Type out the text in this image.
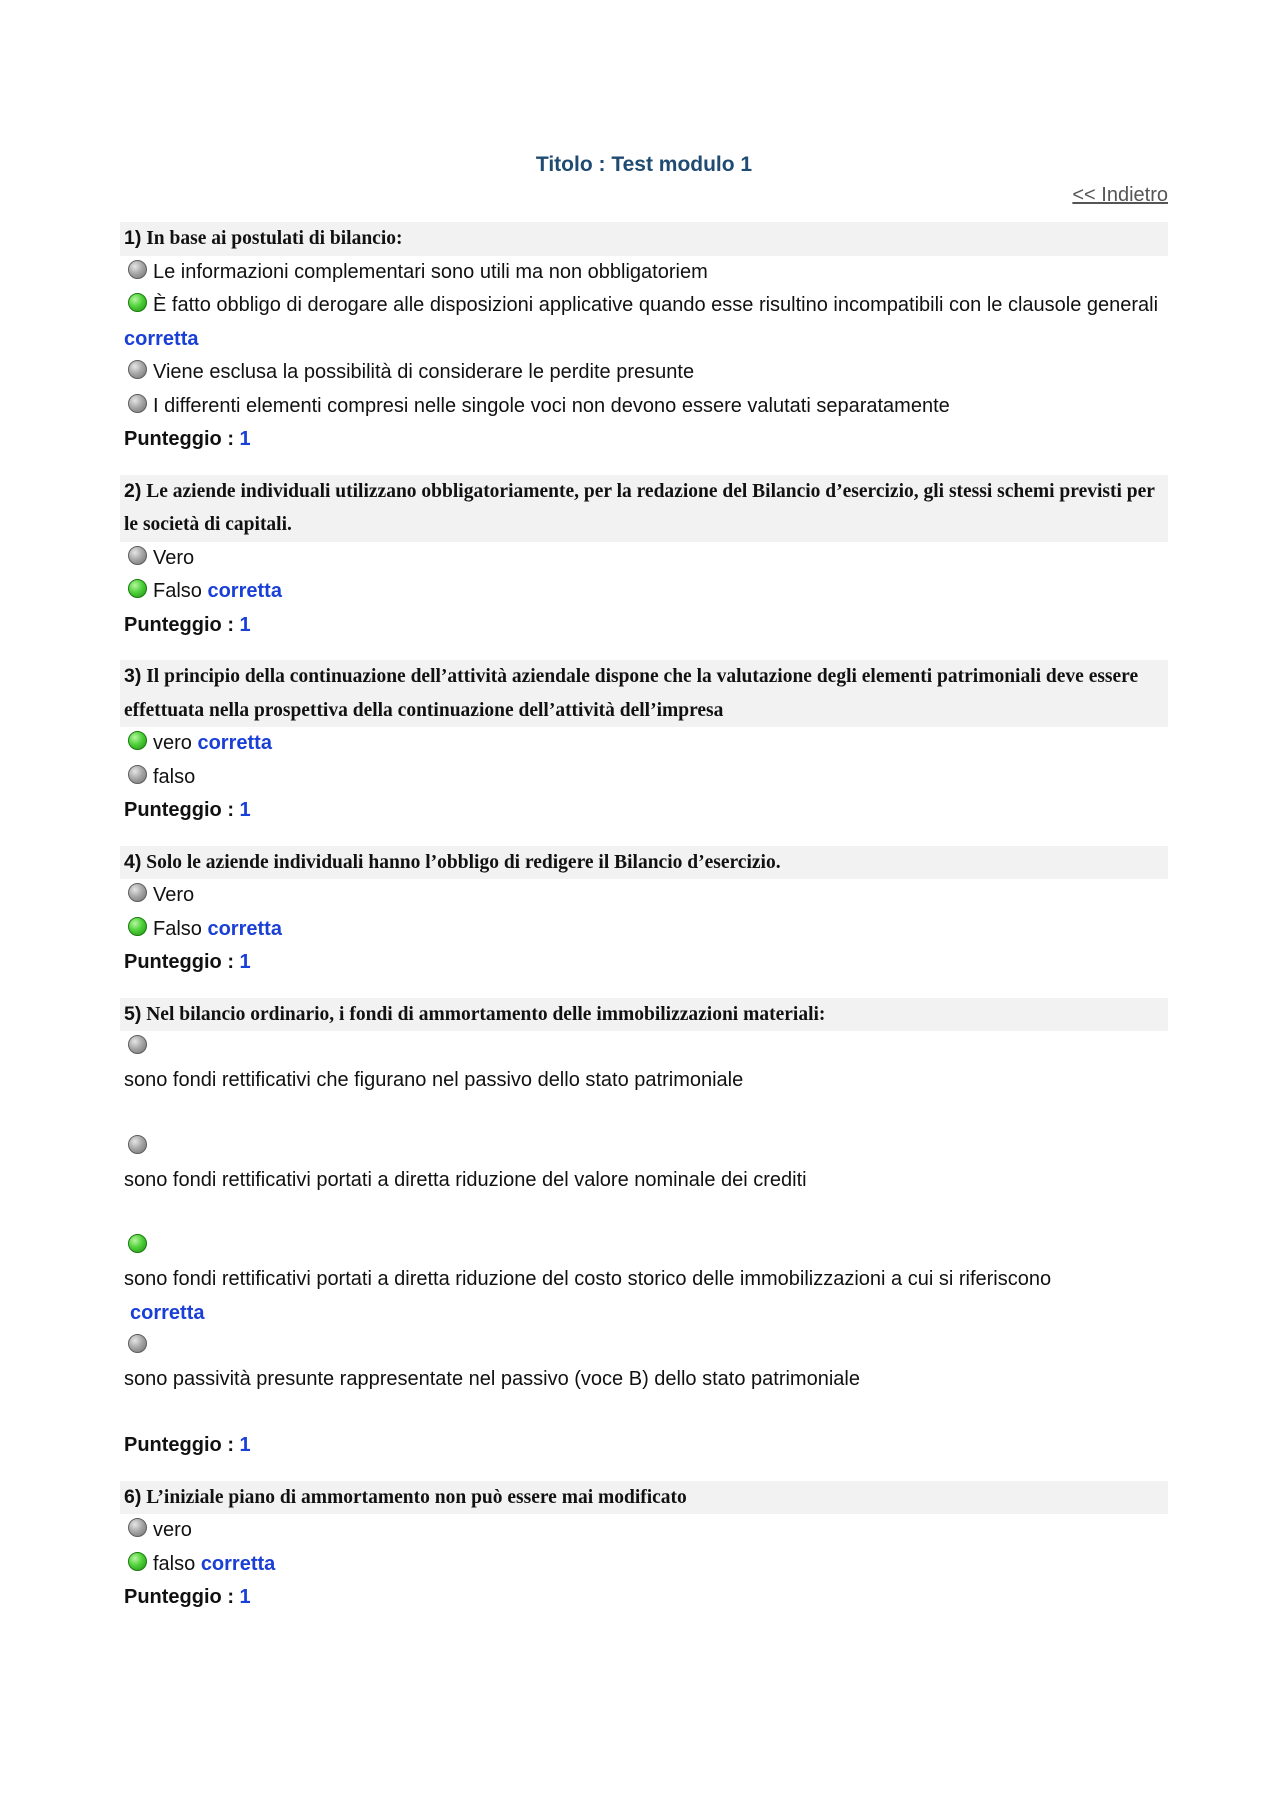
Titolo : Test modulo 1
<< Indietro
1) In base ai postulati di bilancio:
Le informazioni complementari sono utili ma non obbligatoriem
È fatto obbligo di derogare alle disposizioni applicative quando esse risultino incompatibili con le clausole generali corretta
Viene esclusa la possibilità di considerare le perdite presunte
I differenti elementi compresi nelle singole voci non devono essere valutati separatamente
Punteggio : 1
2) Le aziende individuali utilizzano obbligatoriamente, per la redazione del Bilancio d’esercizio, gli stessi schemi previsti per le società di capitali.
Vero
Falso corretta
Punteggio : 1
3) Il principio della continuazione dell’attività aziendale dispone che la valutazione degli elementi patrimoniali deve essere effettuata nella prospettiva della continuazione dell’attività dell’impresa
vero corretta
falso
Punteggio : 1
4) Solo le aziende individuali hanno l’obbligo di redigere il Bilancio d’esercizio.
Vero
Falso corretta
Punteggio : 1
5) Nel bilancio ordinario, i fondi di ammortamento delle immobilizzazioni materiali:
sono fondi rettificativi che figurano nel passivo dello stato patrimoniale
sono fondi rettificativi portati a diretta riduzione del valore nominale dei crediti
sono fondi rettificativi portati a diretta riduzione del costo storico delle immobilizzazioni a cui si riferiscono
corretta
sono passività presunte rappresentate nel passivo (voce B) dello stato patrimoniale
Punteggio : 1
6) L’iniziale piano di ammortamento non può essere mai modificato
vero
falso corretta
Punteggio : 1
